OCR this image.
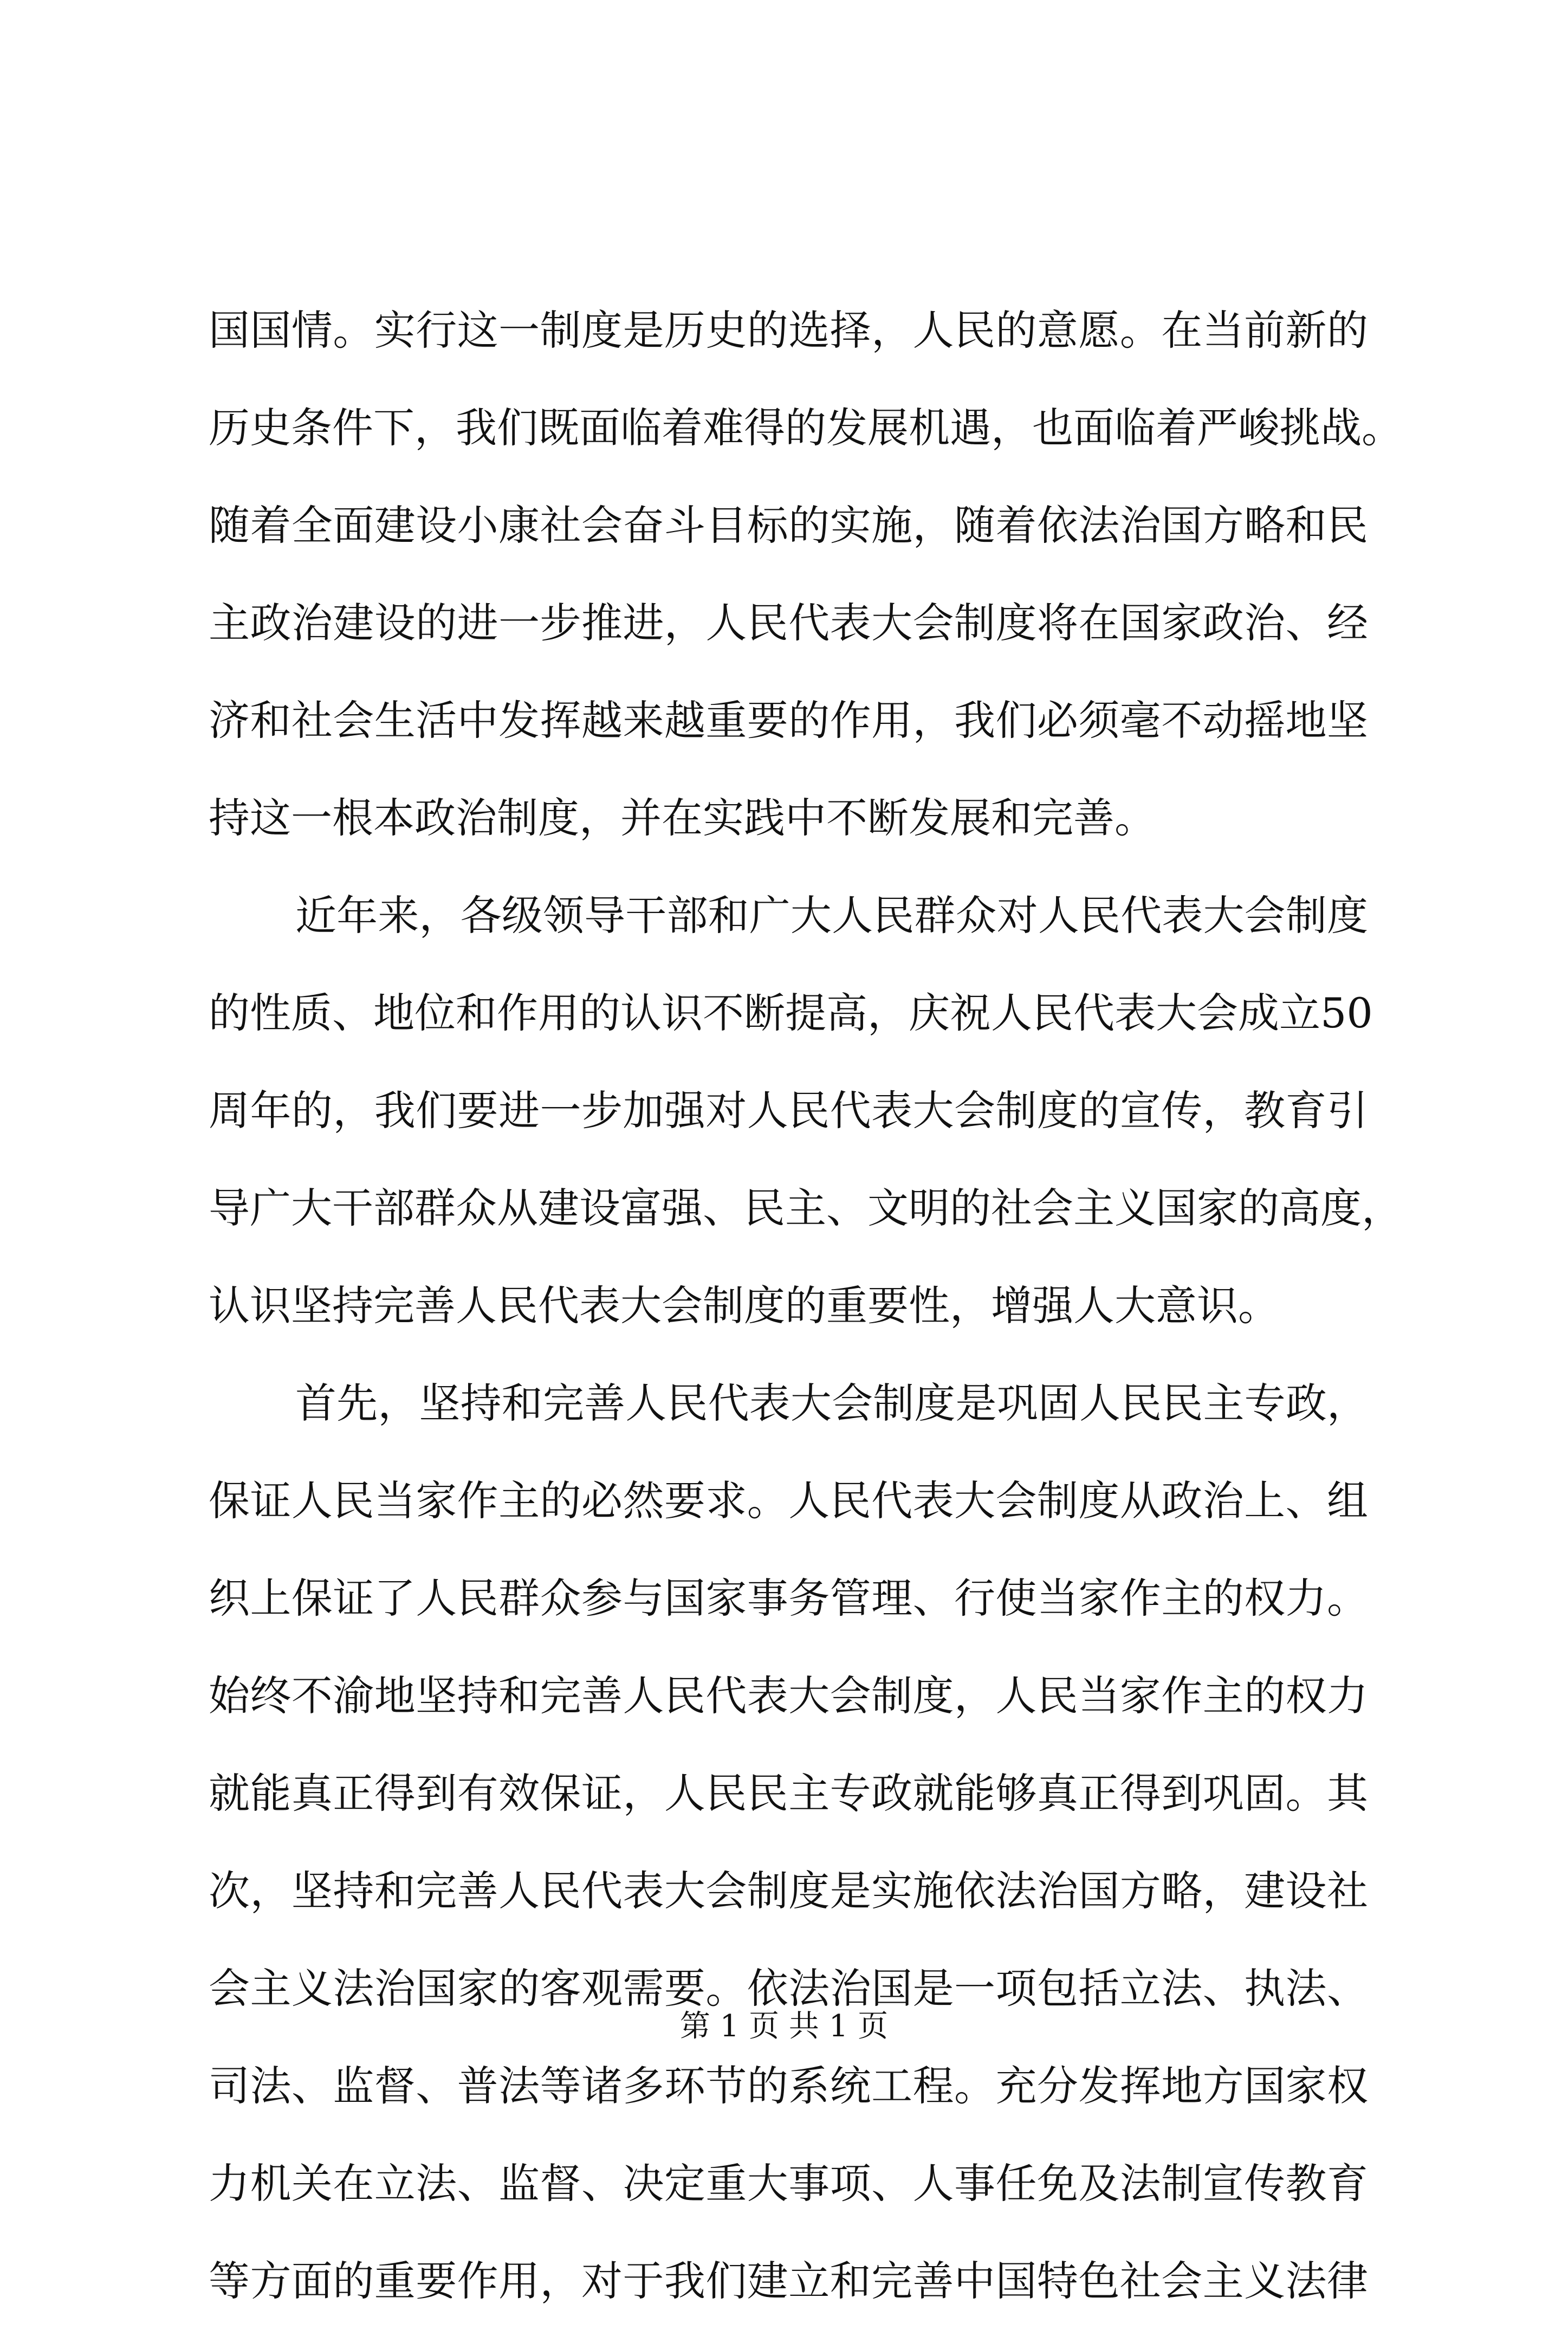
国国情。实行这一制度是历史的选择，人民的意愿。在当前新的
历史条件下，我们既面临着难得的发展机遇，也面临着严峻挑战。
随着全面建设小康社会奋斗目标的实施，随着依法治国方略和民
主政治建设的进一步推进，人民代表大会制度将在国家政治、经
济和社会生活中发挥越来越重要的作用，我们必须毫不动摇地坚
持这一根本政治制度，并在实践中不断发展和完善。
近年来，各级领导干部和广大人民群众对人民代表大会制度
的性质、地位和作用的认识不断提高，庆祝人民代表大会成立50
周年的，我们要进一步加强对人民代表大会制度的宣传，教育引
导广大干部群众从建设富强、民主、文明的社会主义国家的高度，
认识坚持完善人民代表大会制度的重要性，增强人大意识。
首先，坚持和完善人民代表大会制度是巩固人民民主专政，
保证人民当家作主的必然要求。人民代表大会制度从政治上、组
织上保证了人民群众参与国家事务管理、行使当家作主的权力。
始终不渝地坚持和完善人民代表大会制度，人民当家作主的权力
就能真正得到有效保证，人民民主专政就能够真正得到巩固。其
次，坚持和完善人民代表大会制度是实施依法治国方略，建设社
会主义法治国家的客观需要。依法治国是一项包括立法、执法、
司法、监督、普法等诸多环节的系统工程。充分发挥地方国家权
力机关在立法、监督、决定重大事项、人事任免及法制宣传教育
等方面的重要作用，对于我们建立和完善中国特色社会主义法律
第 1 页 共 1 页
